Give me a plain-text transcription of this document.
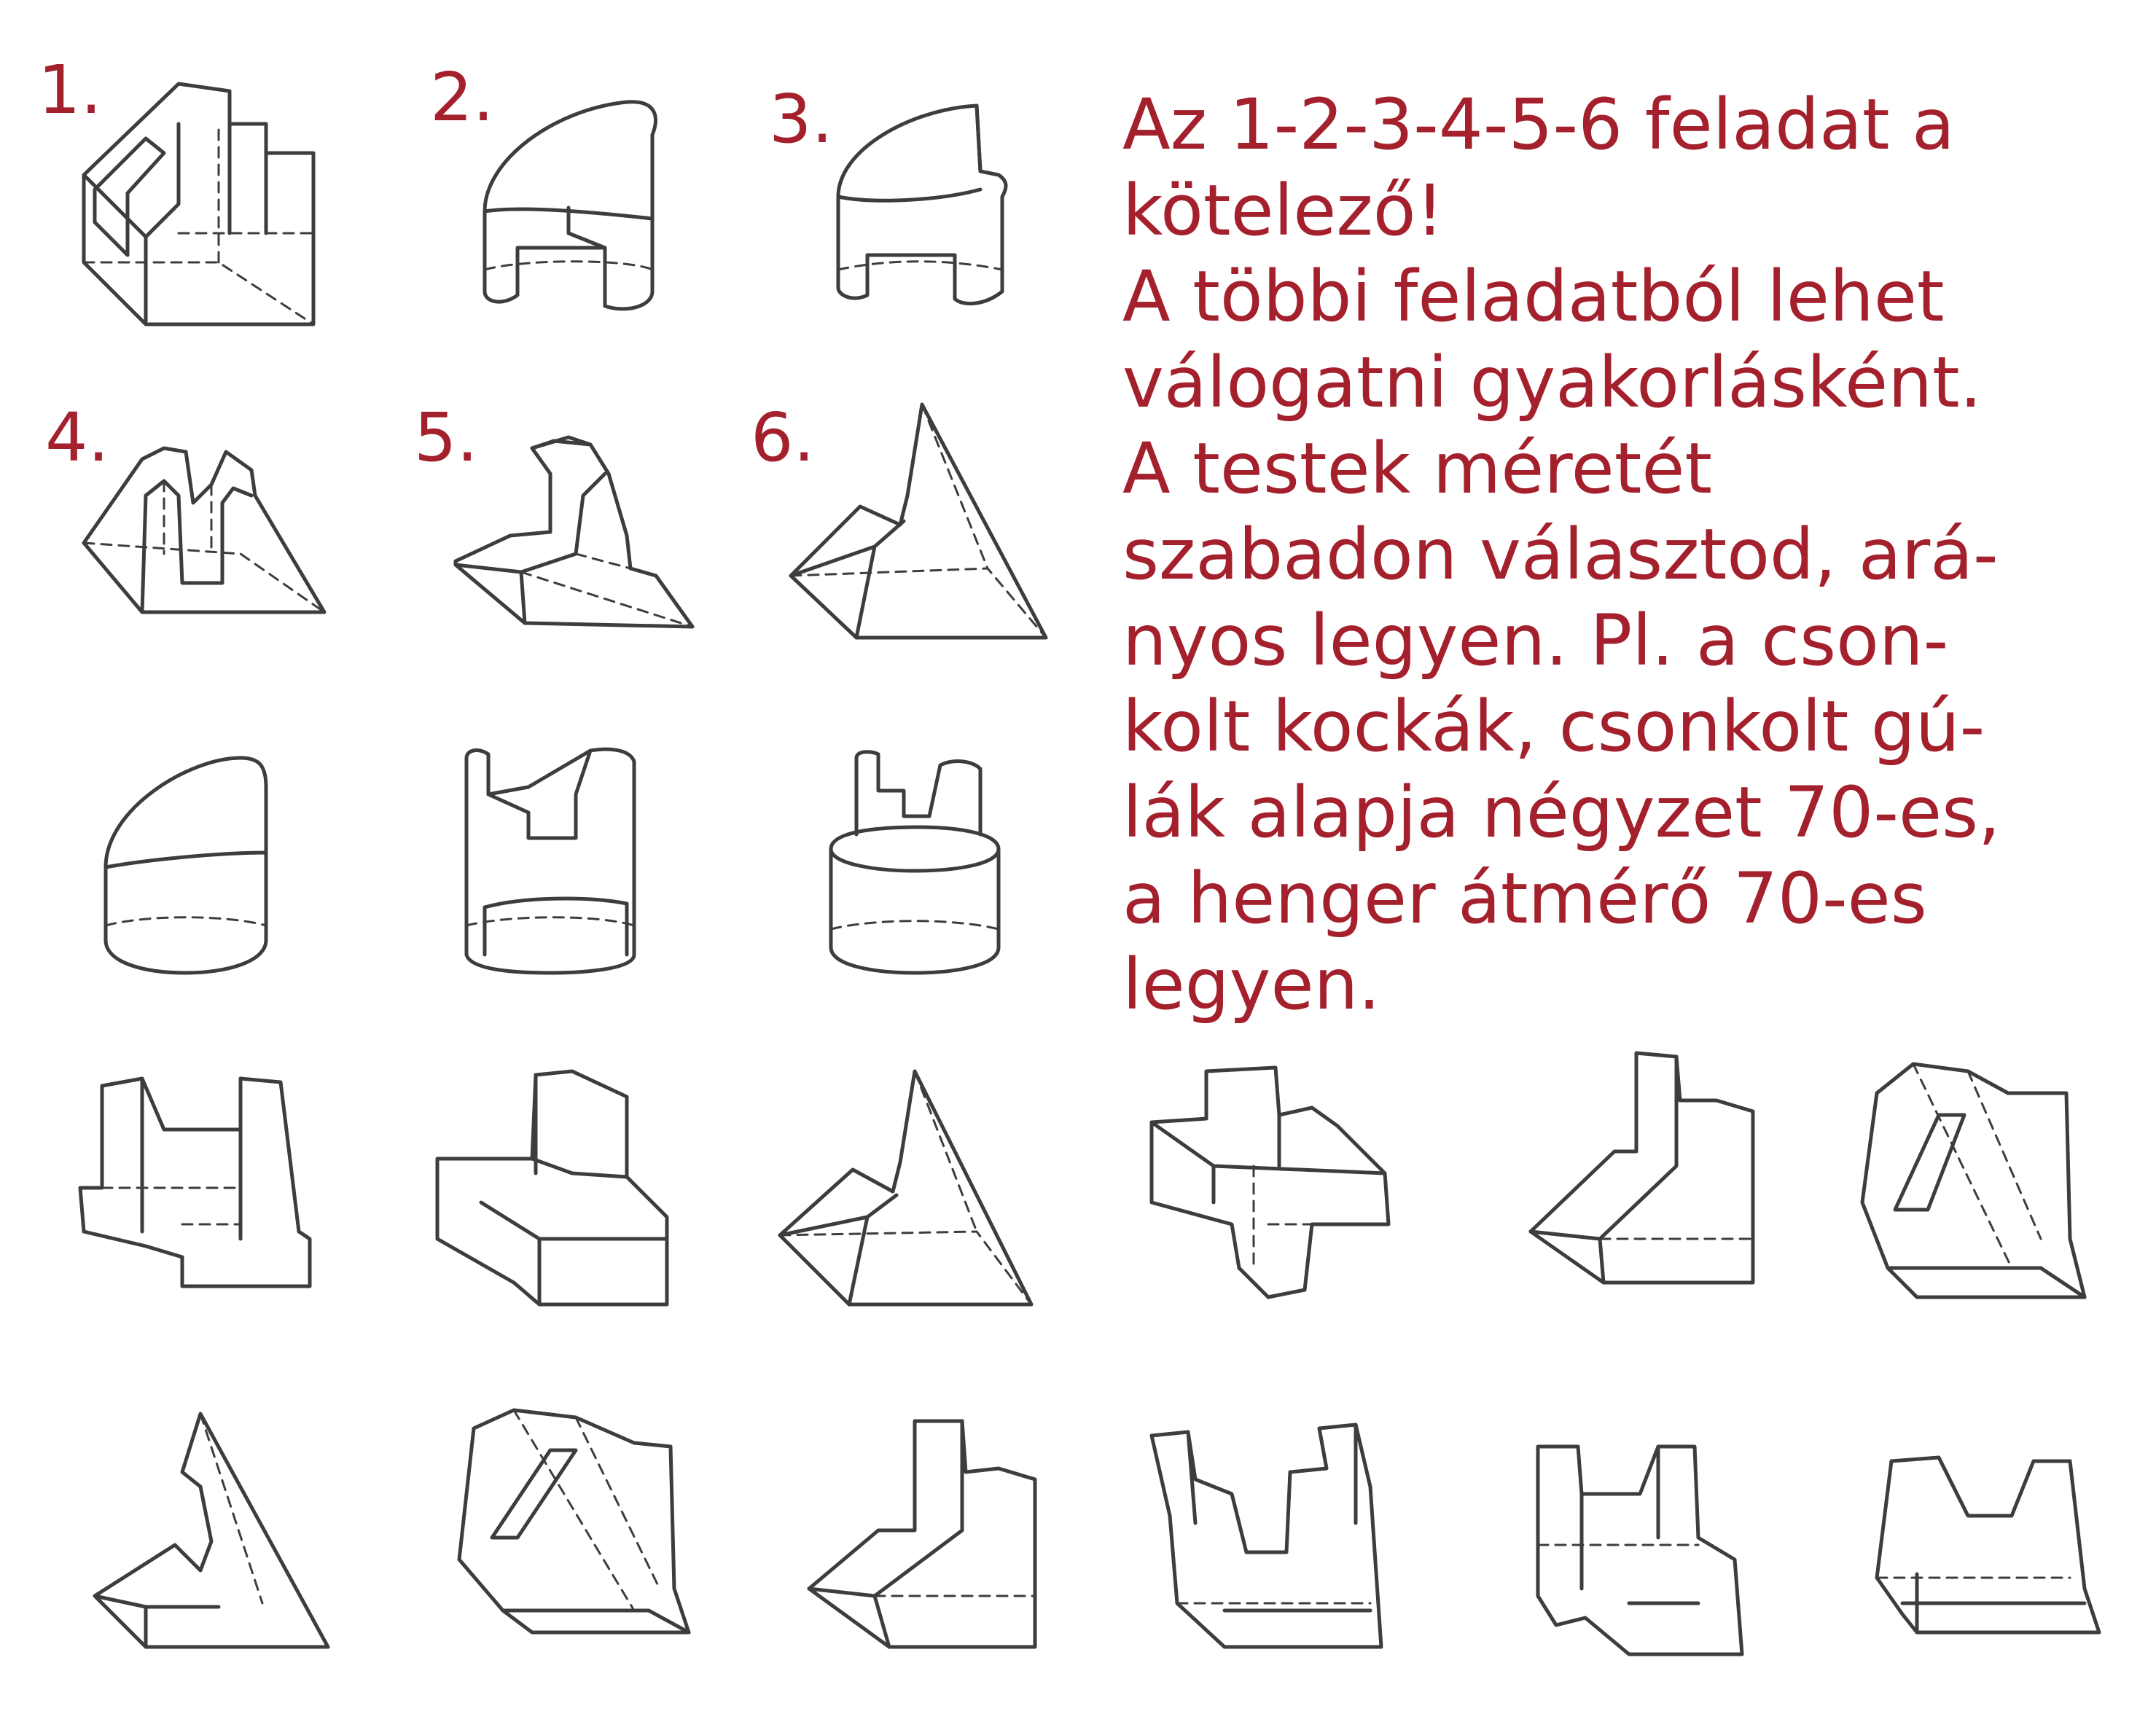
1.	2.	3.

4.	5.	6.

Az 1-2-3-4-5-6 feladat a
kötelező!
A többi feladatból lehet
válogatni gyakorlásként.
A testek méretét
szabadon választod, ará-
nyos legyen. Pl. a cson-
kolt kockák, csonkolt gú-
lák alapja négyzet 70-es,
a henger átmérő 70-es
legyen.
